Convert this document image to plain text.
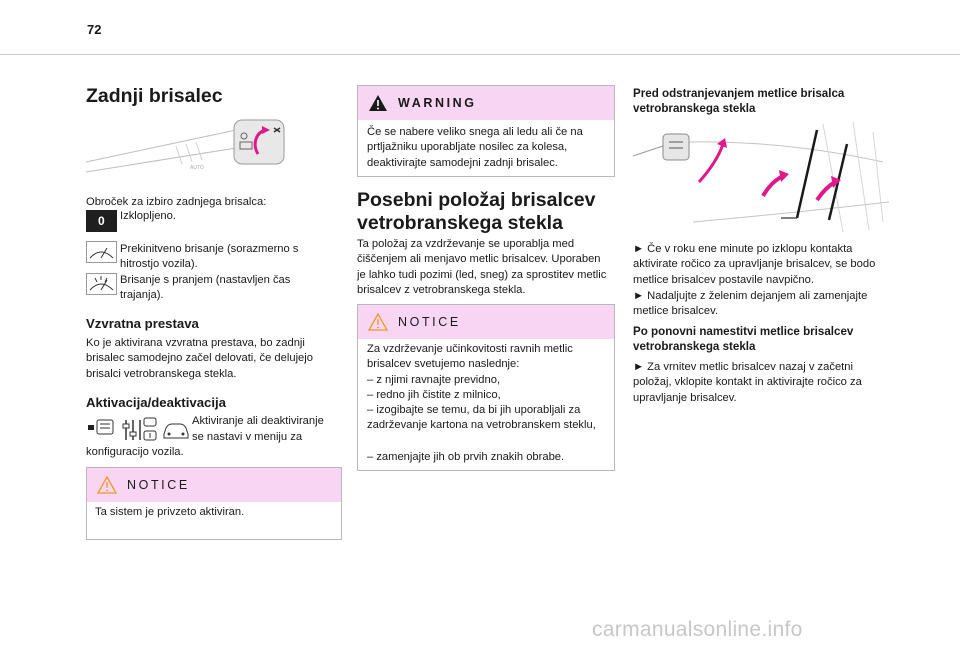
72
Zadnji brisalec
AUTO

Obroček za izbiro zadnjega brisalca:

0 Izklopljeno.

Prekinitveno brisanje (sorazmerno s hitrostjo vozila).

Brisanje s pranjem (nastavljen čas trajanja).

Vzvratna prestava

Ko je aktivirana vzvratna prestava, bo zadnji brisalec samodejno začel delovati, če delujejo brisalci vetrobranskega stekla.

Aktivacija/deaktivacija

Aktiviranje ali deaktiviranje

se nastavi v meniju za

konfiguracijo vozila.

NOTICE

Ta sistem je privzeto aktiviran.

WARNING

Če se nabere veliko snega ali ledu ali če na prtljažniku uporabljate nosilec za kolesa, deaktivirajte samodejni zadnji brisalec.

Posebni položaj brisalcev
vetrobranskega stekla

Ta položaj za vzdrževanje se uporablja med čiščenjem ali menjavo metlic brisalcev. Uporaben je lahko tudi pozimi (led, sneg) za sprostitev metlic brisalcev z vetrobranskega stekla.

NOTICE

Za vzdrževanje učinkovitosti ravnih metlic brisalcev svetujemo naslednje:

– z njimi ravnajte previdno,

– redno jih čistite z milnico,

– izogibajte se temu, da bi jih uporabljali za zadrževanje kartona na vetrobranskem steklu,

– zamenjajte jih ob prvih znakih obrabe.

Pred odstranjevanjem metlice brisalca vetrobranskega stekla

► Če v roku ene minute po izklopu kontakta aktivirate ročico za upravljanje brisalcev, se bodo metlice brisalcev postavile navpično.

► Nadaljujte z želenim dejanjem ali zamenjajte metlice brisalcev.

Po ponovni namestitvi metlice brisalcev vetrobranskega stekla

► Za vrnitev metlic brisalcev nazaj v začetni položaj, vklopite kontakt in aktivirajte ročico za upravljanje brisalcev.

carmanualsonline.info
